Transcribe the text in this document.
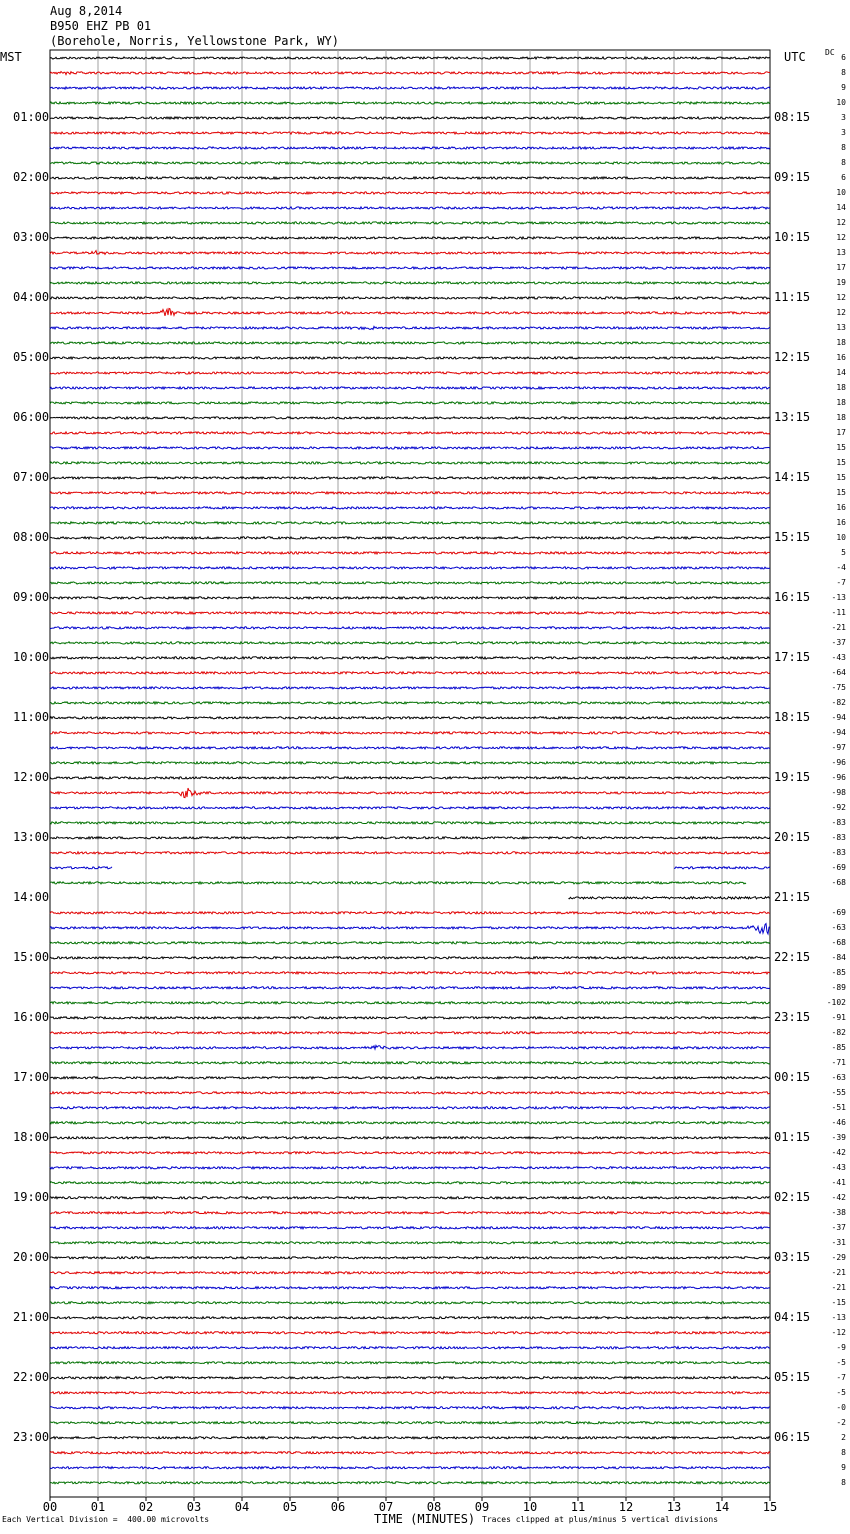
Aug 8,2014
B950 EHZ PB 01
(Borehole, Norris, Yellowstone Park, WY)
MST	UTC DC
00	01	02	03	04	05	06	07	08	09	10	11	12	13	14	15
01:00
02:00
03:00
04:00
05:00
06:00
07:00
08:00
09:00
10:00
11:00
12:00
13:00
14:00
15:00
16:00
17:00
18:00
19:00
20:00
21:00
22:00
23:00
08:15
09:15
10:15
11:15
12:15
13:15
14:15
15:15
16:15
17:15
18:15
19:15
20:15
21:15
22:15
23:15
00:15
01:15
02:15
03:15
04:15
05:15
06:15
6
8
9
10
3
3
8
8
6
10
14
12
12
13
17
19
12
12
13
18
16
14
18
18
18
17
15
15
15
15
16
16
10
5
-4
-7
-13
-11
-21
-37
-43
-64
-75
-82
-94
-94
-97
-96
-96
-98
-92
-83
-83
-83
-69
-68
-69
-63
-68
-84
-85
-89
-102
-91
-82
-85
-71
-63
-55
-51
-46
-39
-42
-43
-41
-42
-38
-37
-31
-29
-21
-21
-15
-13
-12
-9
-5
-7
-5
-0
-2
2
8
9
8
Each Vertical Division =  400.00 microvolts	TIME (MINUTES) Traces clipped at plus/minus 5 vertical divisions
